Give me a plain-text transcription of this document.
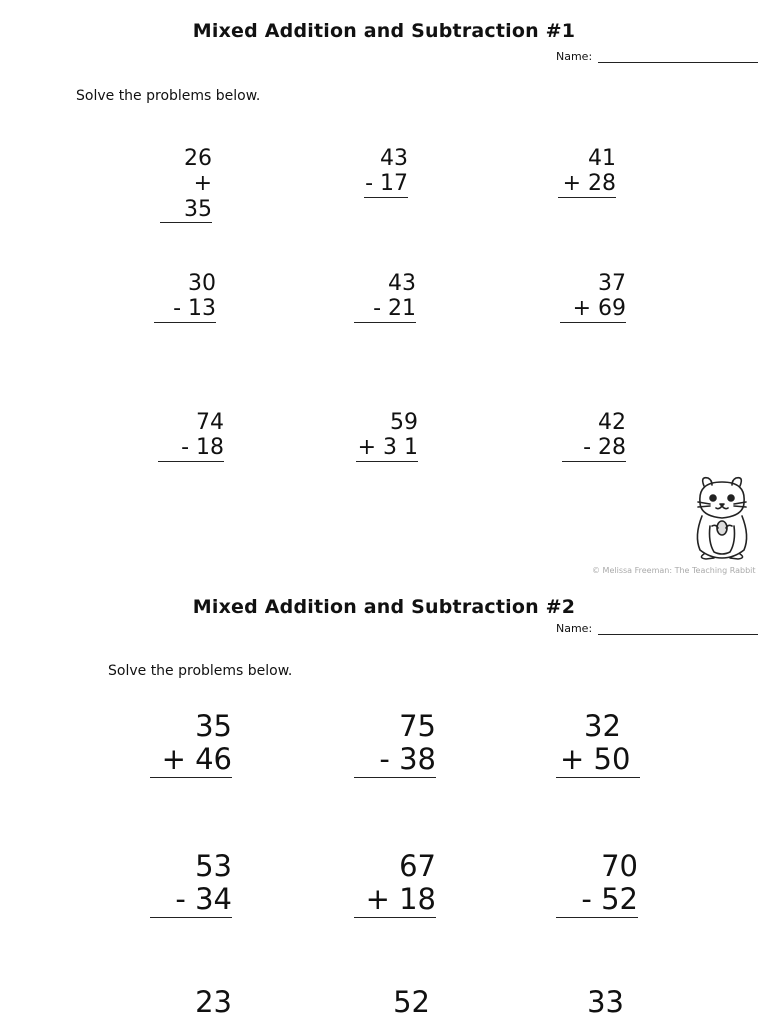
Mixed Addition and Subtraction #1
Name:
Solve the problems below.
26
+ 35
43
- 17
41
+ 28
30
- 13
43
- 21
37
+ 69
74
- 18
59
+ 3 1
42
- 28
© Melissa Freeman: The Teaching Rabbit
Mixed Addition and Subtraction #2
Name:
Solve the problems below.
35
+ 46
75
- 38
32
+ 50
53
- 34
67
+ 18
70
- 52
23	52	33
